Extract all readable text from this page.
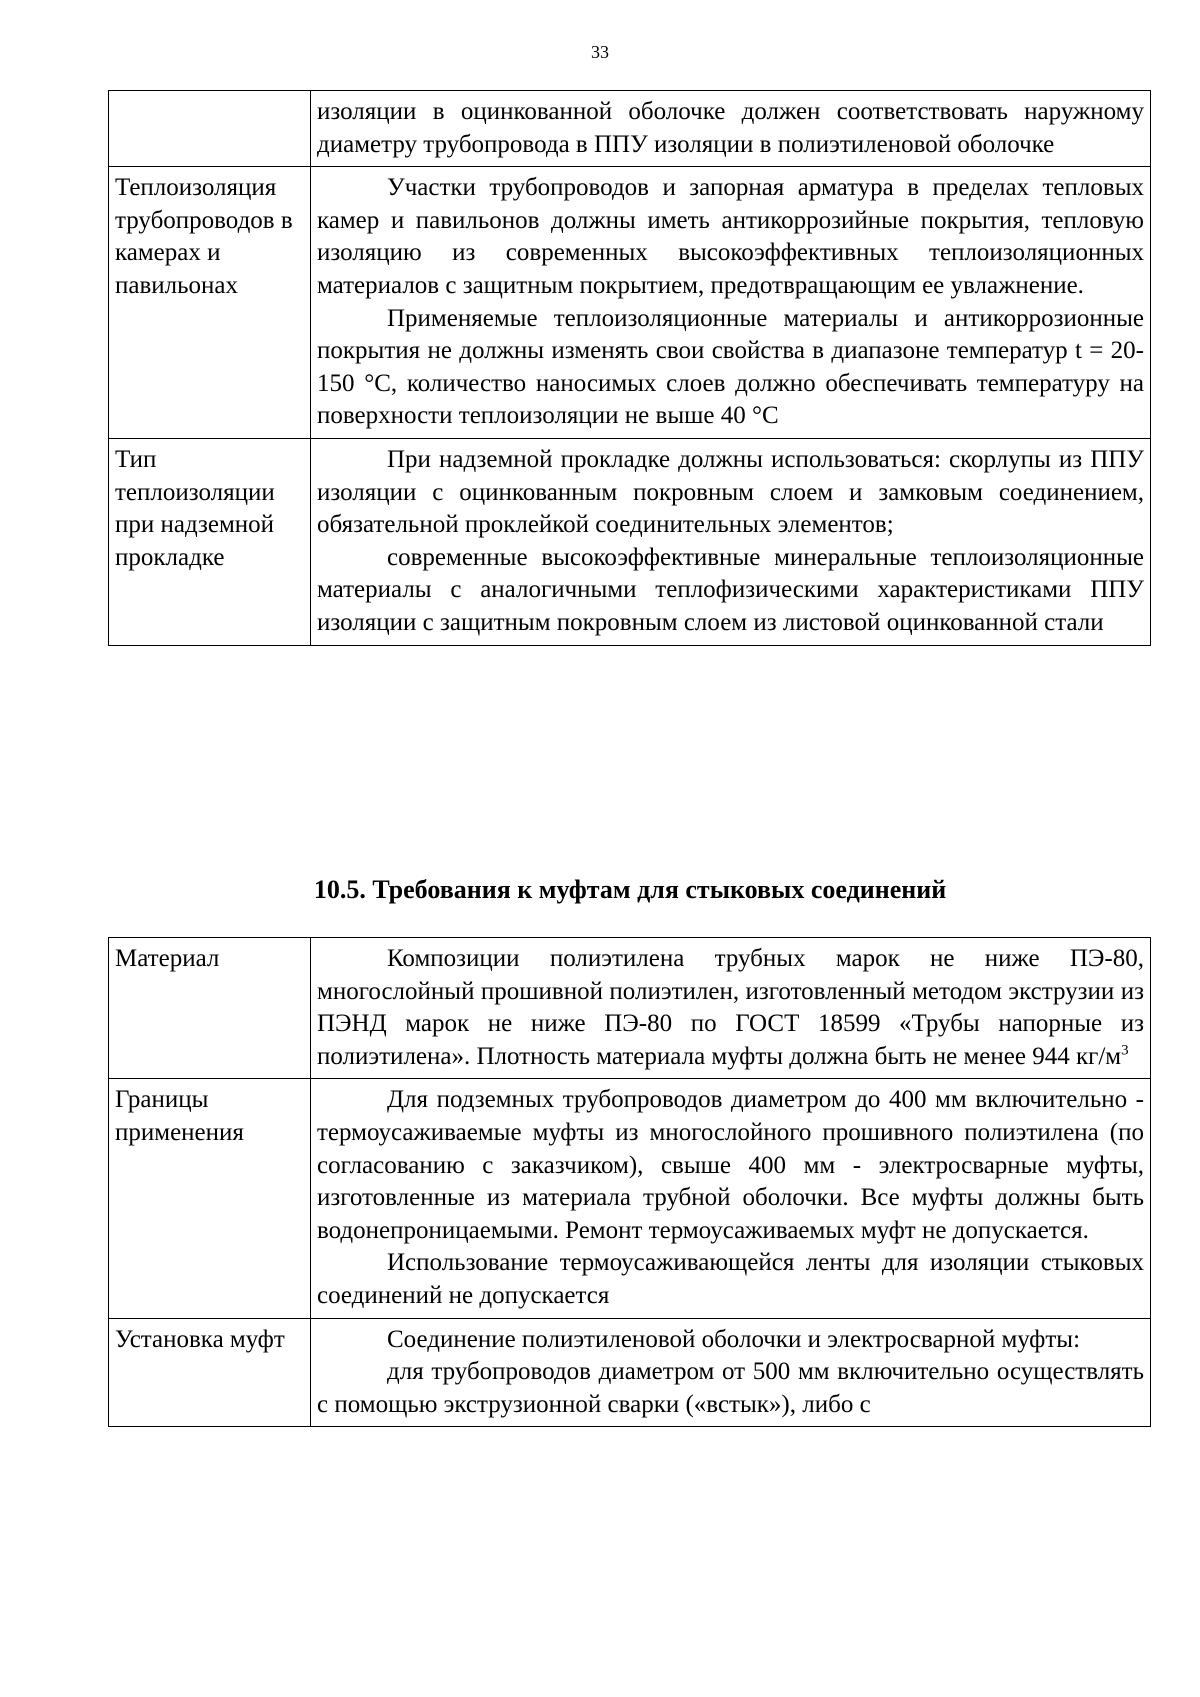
33

	изоляции в оцинкованной оболочке должен соответствовать наружному диаметру трубопровода в ППУ изоляции в полиэтиленовой оболочке

Теплоизоляция трубопроводов в камерах и павильонах	Участки трубопроводов и запорная арматура в пределах тепловых камер и павильонов должны иметь антикоррозийные покрытия, тепловую изоляцию из современных высокоэффективных теплоизоляционных материалов с защитным покрытием, предотвращающим ее увлажнение.

Применяемые теплоизоляционные материалы и антикоррозионные покрытия не должны изменять свои свойства в диапазоне температур t = 20-150 °С, количество наносимых слоев должно обеспечивать температуру на поверхности теплоизоляции не выше 40 °С

Тип теплоизоляции при надземной прокладке	При надземной прокладке должны использоваться: скорлупы из ППУ изоляции с оцинкованным покровным слоем и замковым соединением, обязательной проклейкой соединительных элементов;

современные высокоэффективные минеральные теплоизоляционные материалы с аналогичными теплофизическими характеристиками ППУ изоляции с защитным покровным слоем из листовой оцинкованной стали

10.5. Требования к муфтам для стыковых соединений
Материал	Композиции полиэтилена трубных марок не ниже ПЭ-80, многослойный прошивной полиэтилен, изготовленный методом экструзии из ПЭНД марок не ниже ПЭ-80 по ГОСТ 18599 «Трубы напорные из полиэтилена». Плотность материала муфты должна быть не менее 944 $кг/м^3$

Границы применения	Для подземных трубопроводов диаметром до 400 мм включительно - термоусаживаемые муфты из многослойного прошивного полиэтилена (по согласованию с заказчиком), свыше 400 мм - электросварные муфты, изготовленные из материала трубной оболочки. Все муфты должны быть водонепроницаемыми. Ремонт термоусаживаемых муфт не допускается.

Использование термоусаживающейся ленты для изоляции стыковых соединений не допускается

Установка муфт	Соединение полиэтиленовой оболочки и электросварной муфты:

для трубопроводов диаметром от 500 мм включительно осуществлять с помощью экструзионной сварки («встык»), либо с
